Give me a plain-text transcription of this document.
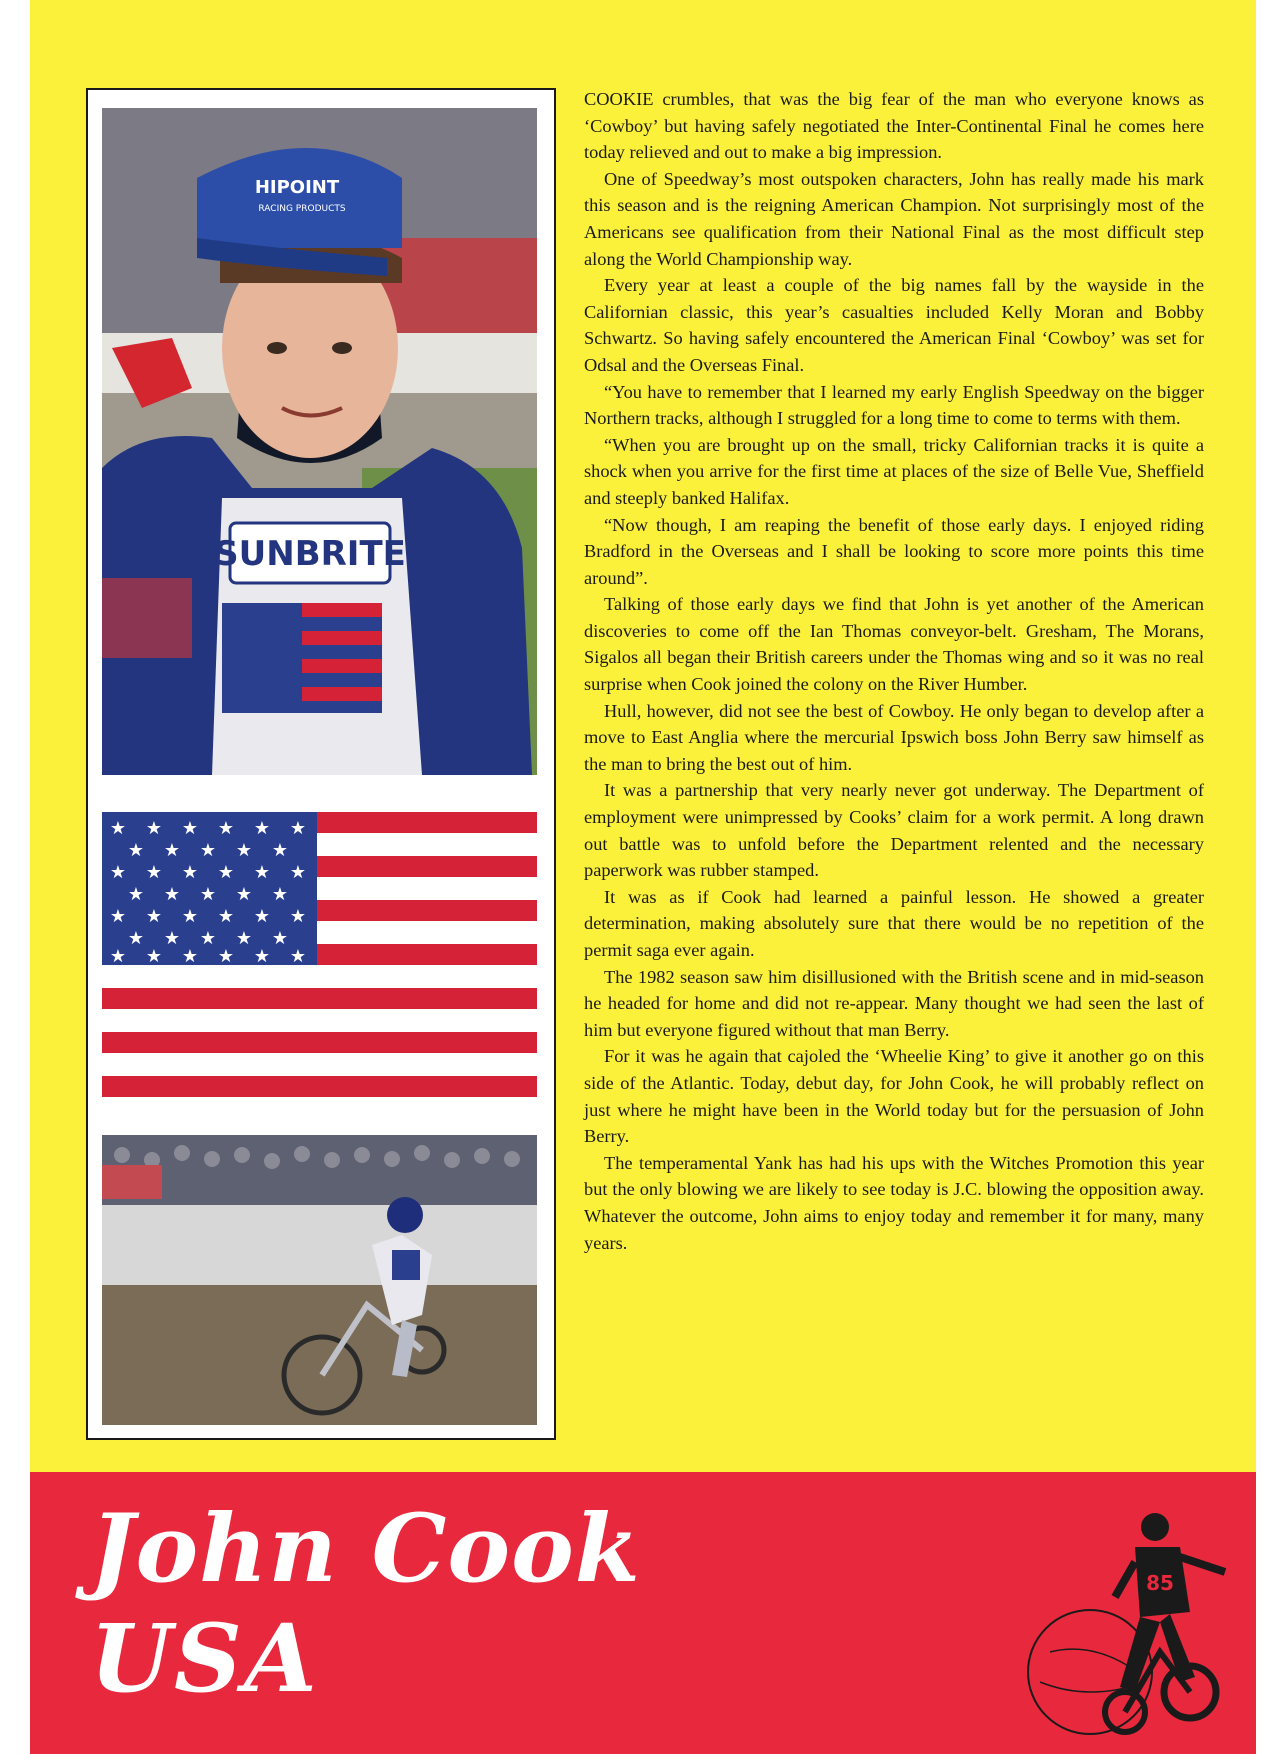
SUNBRITE
HIPOINT
RACING PRODUCTS
★ ★ ★ ★ ★ ★
★ ★ ★ ★ ★
★ ★ ★ ★ ★ ★
★ ★ ★ ★ ★
★ ★ ★ ★ ★ ★
★ ★ ★ ★ ★
★ ★ ★ ★ ★ ★

COOKIE crumbles, that was the big fear of the man who everyone knows as ‘Cowboy’ but having safely negotiated the Inter-Continental Final he comes here today relieved and out to make a big impression.

One of Speedway’s most outspoken characters, John has really made his mark this season and is the reigning American Champion. Not surprisingly most of the Americans see qualification from their National Final as the most difficult step along the World Championship way.

Every year at least a couple of the big names fall by the wayside in the Californian classic, this year’s casualties included Kelly Moran and Bobby Schwartz. So having safely encountered the American Final ‘Cowboy’ was set for Odsal and the Overseas Final.

“You have to remember that I learned my early English Speedway on the bigger Northern tracks, although I struggled for a long time to come to terms with them.

“When you are brought up on the small, tricky Californian tracks it is quite a shock when you arrive for the first time at places of the size of Belle Vue, Sheffield and steeply banked Halifax.

“Now though, I am reaping the benefit of those early days. I enjoyed riding Bradford in the Overseas and I shall be looking to score more points this time around”.

Talking of those early days we find that John is yet another of the American discoveries to come off the Ian Thomas conveyor-belt. Gresham, The Morans, Sigalos all began their British careers under the Thomas wing and so it was no real surprise when Cook joined the colony on the River Humber.

Hull, however, did not see the best of Cowboy. He only began to develop after a move to East Anglia where the mercurial Ipswich boss John Berry saw himself as the man to bring the best out of him.

It was a partnership that very nearly never got underway. The Department of employment were unimpressed by Cooks’ claim for a work permit. A long drawn out battle was to unfold before the Department relented and the necessary paperwork was rubber stamped.

It was as if Cook had learned a painful lesson. He showed a greater determination, making absolutely sure that there would be no repetition of the permit saga ever again.

The 1982 season saw him disillusioned with the British scene and in mid-season he headed for home and did not re-appear. Many thought we had seen the last of him but everyone figured without that man Berry.

For it was he again that cajoled the ‘Wheelie King’ to give it another go on this side of the Atlantic. Today, debut day, for John Cook, he will probably reflect on just where he might have been in the World today but for the persuasion of John Berry.

The temperamental Yank has had his ups with the Witches Promotion this year but the only blowing we are likely to see today is J.C. blowing the opposition away. Whatever the outcome, John aims to enjoy today and remember it for many, many years.

John Cook
USA
85
